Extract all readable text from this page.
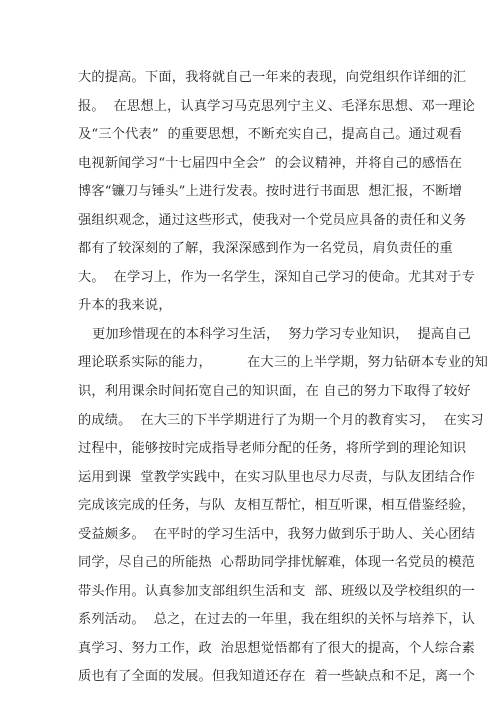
大的提高。下面，我将就自己一年来的表现，向党组织作详细的汇
报。  在思想上，认真学习马克思列宁主义、毛泽东思想、邓一理论
及“三个代表”  的重要思想，不断充实自己，提高自己。通过观看
电视新闻学习“十七届四中全会”  的会议精神，并将自己的感悟在
博客“镰刀与锤头”上进行发表。按时进行书面思  想汇报，不断增
强组织观念，通过这些形式，使我对一个党员应具备的责任和义务
都有了较深刻的了解，我深深感到作为一名党员，肩负责任的重
大。  在学习上，作为一名学生，深知自己学习的使命。尤其对于专
升本的我来说，
更加珍惜现在的本科学习生活，  努力学习专业知识，  提高自己
理论联系实际的能力，        在大三的上半学期，努力钻研本专业的知
识，利用课余时间拓宽自己的知识面，在 自己的努力下取得了较好
的成绩。  在大三的下半学期进行了为期一个月的教育实习，  在实习
过程中，能够按时完成指导老师分配的任务，将所学到的理论知识
运用到课  堂教学实践中，在实习队里也尽力尽责，与队友团结合作
完成该完成的任务，与队  友相互帮忙，相互听课，相互借鉴经验，
受益颇多。  在平时的学习生活中，我努力做到乐于助人、关心团结
同学，尽自己的所能热  心帮助同学排忧解难，体现一名党员的模范
带头作用。认真参加支部组织生活和支  部、班级以及学校组织的一
系列活动。  总之，在过去的一年里，我在组织的关怀与培养下，认
真学习、努力工作，政  治思想觉悟都有了很大的提高，个人综合素
质也有了全面的发展。但我知道还存在  着一些缺点和不足，离一个
